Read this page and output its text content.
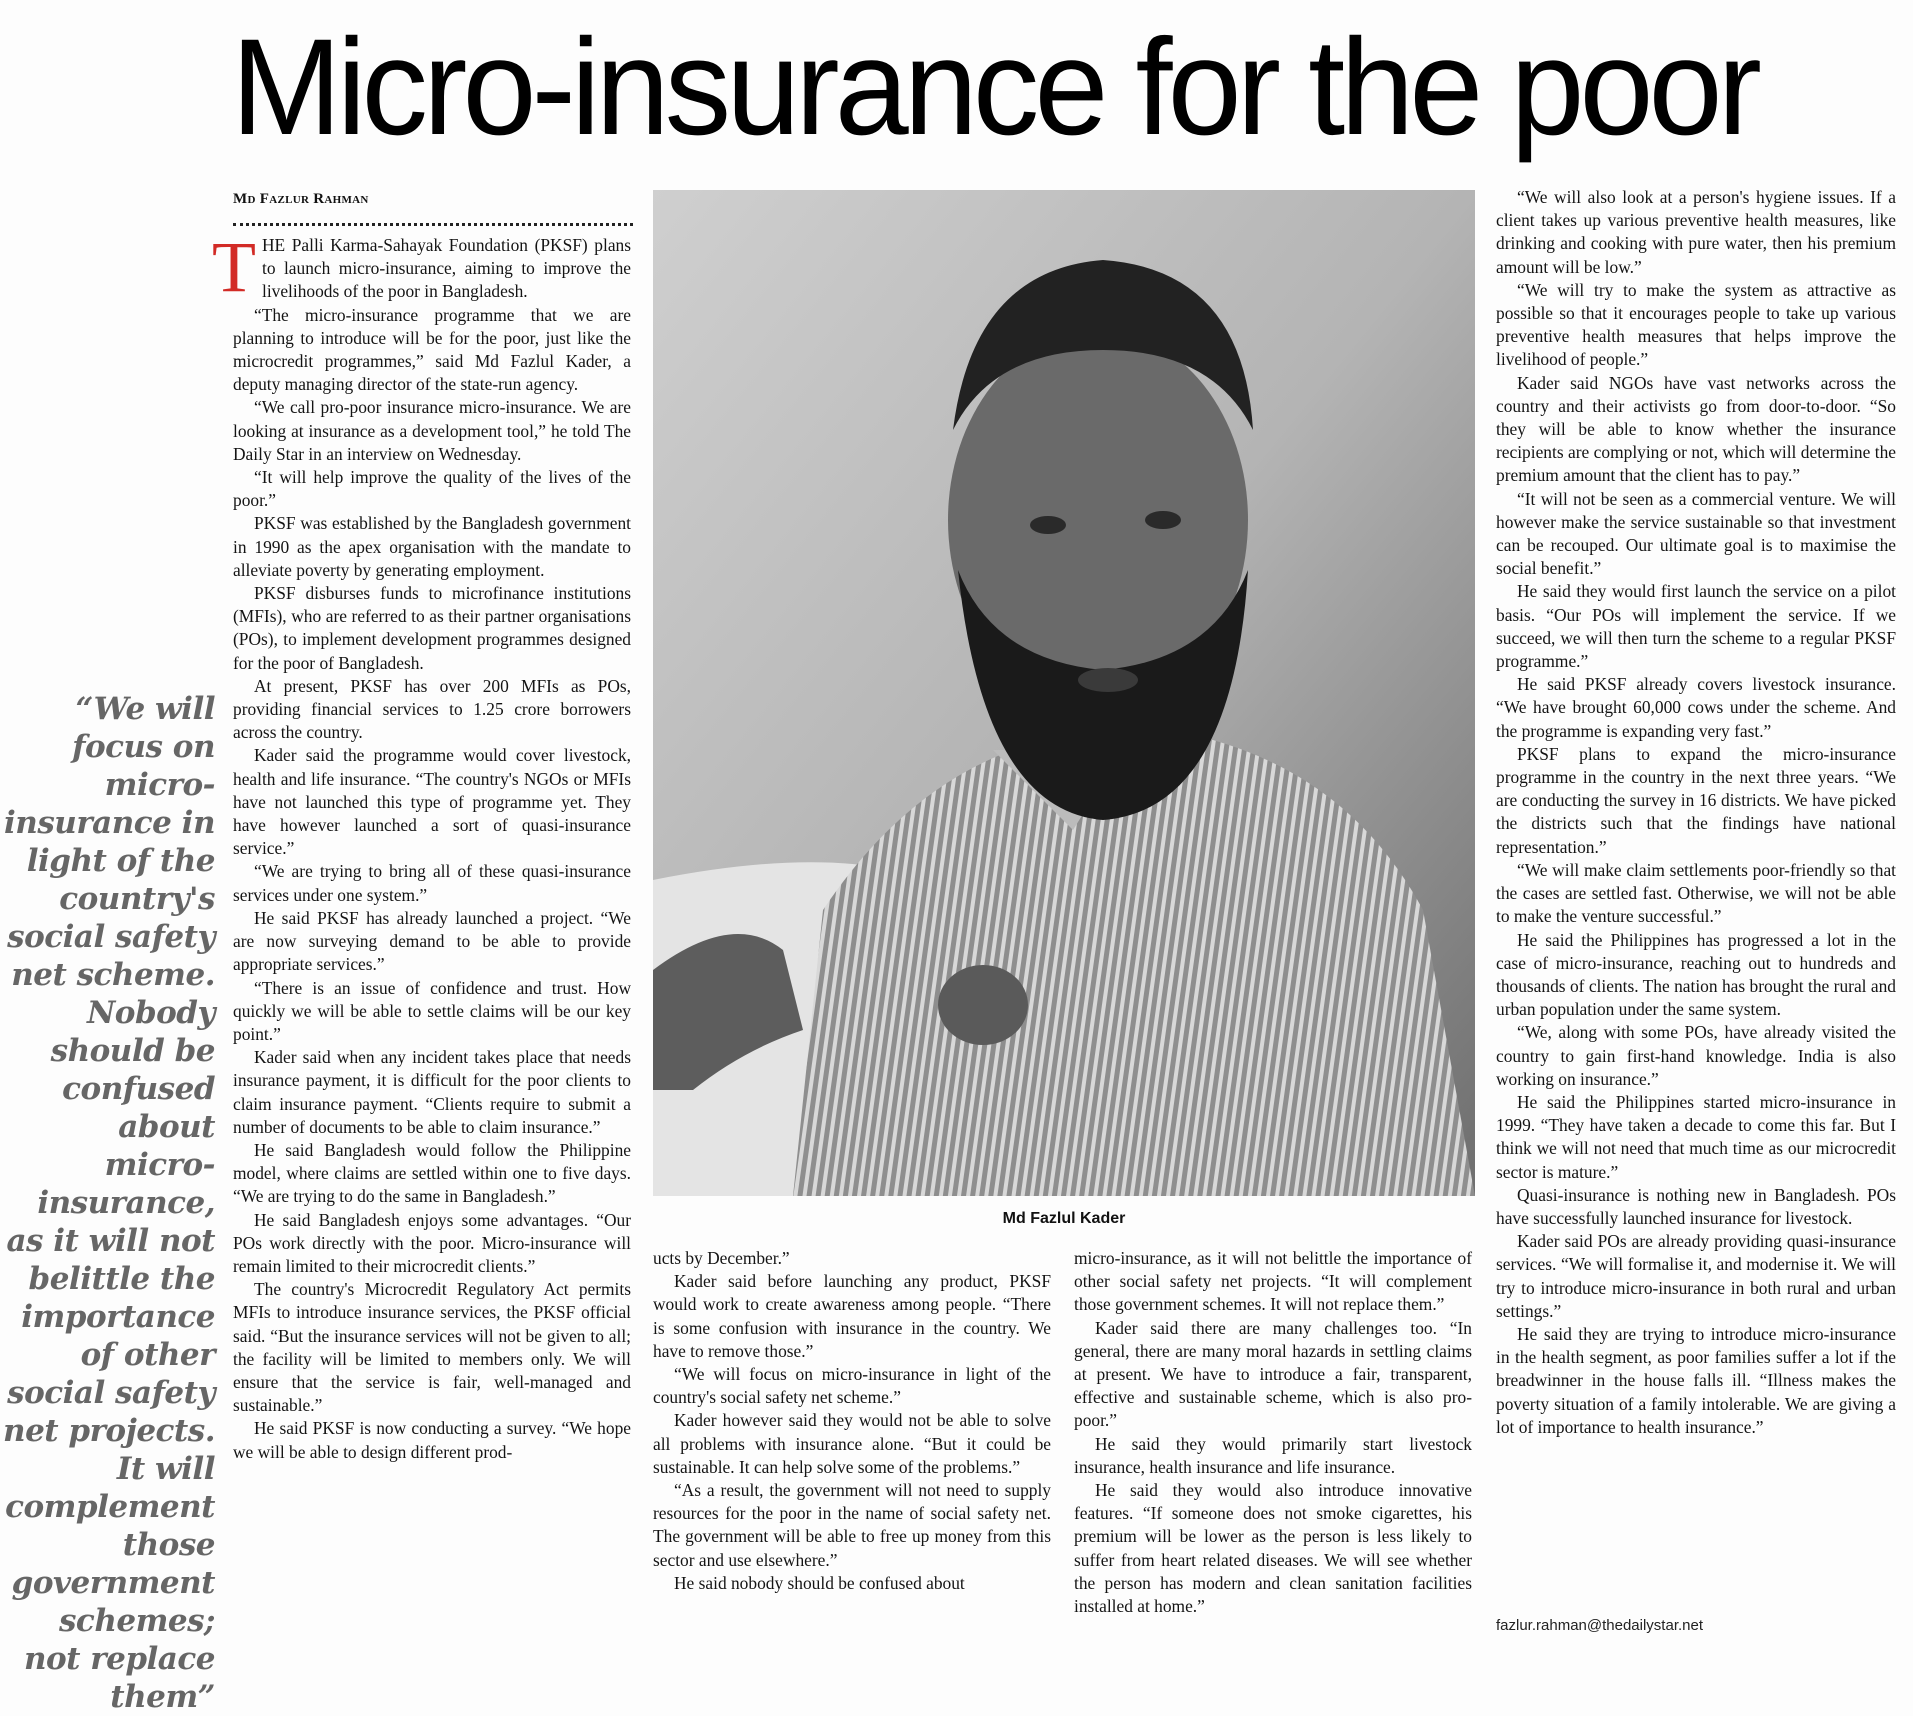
Micro-insurance for the poor
Md Fazlur Rahman
“We will focus on micro-insurance in light of the country's social safety net scheme. Nobody should be confused about micro-insurance, as it will not belittle the importance of other social safety net projects. It will complement those government schemes; not replace them”

THE Palli Karma-Sahayak Foundation (PKSF) plans to launch micro-insurance, aiming to improve the livelihoods of the poor in Bangladesh.

“The micro-insurance programme that we are planning to introduce will be for the poor, just like the microcredit programmes,” said Md Fazlul Kader, a deputy managing director of the state-run agency.

“We call pro-poor insurance micro-insurance. We are looking at insurance as a development tool,” he told The Daily Star in an interview on Wednesday.

“It will help improve the quality of the lives of the poor.”

PKSF was established by the Bangladesh government in 1990 as the apex organisation with the mandate to alleviate poverty by generating employment.

PKSF disburses funds to microfinance institutions (MFIs), who are referred to as their partner organisations (POs), to implement development programmes designed for the poor of Bangladesh.

At present, PKSF has over 200 MFIs as POs, providing financial services to 1.25 crore borrowers across the country.

Kader said the programme would cover livestock, health and life insurance. “The country's NGOs or MFIs have not launched this type of programme yet. They have however launched a sort of quasi-insurance service.”

“We are trying to bring all of these quasi-insurance services under one system.”

He said PKSF has already launched a project. “We are now surveying demand to be able to provide appropriate services.”

“There is an issue of confidence and trust. How quickly we will be able to settle claims will be our key point.”

Kader said when any incident takes place that needs insurance payment, it is difficult for the poor clients to claim insurance payment. “Clients require to submit a number of documents to be able to claim insurance.”

He said Bangladesh would follow the Philippine model, where claims are settled within one to five days. “We are trying to do the same in Bangladesh.”

He said Bangladesh enjoys some advantages. “Our POs work directly with the poor. Micro-insurance will remain limited to their microcredit clients.”

The country's Microcredit Regulatory Act permits MFIs to introduce insurance services, the PKSF official said. “But the insurance services will not be given to all; the facility will be limited to members only. We will ensure that the service is fair, well-managed and sustainable.”

He said PKSF is now conducting a survey. “We hope we will be able to design different prod-

Md Fazlul Kader

ucts by December.”

Kader said before launching any product, PKSF would work to create awareness among people. “There is some confusion with insurance in the country. We have to remove those.”

“We will focus on micro-insurance in light of the country's social safety net scheme.”

Kader however said they would not be able to solve all problems with insurance alone. “But it could be sustainable. It can help solve some of the problems.”

“As a result, the government will not need to supply resources for the poor in the name of social safety net. The government will be able to free up money from this sector and use elsewhere.”

He said nobody should be confused about

micro-insurance, as it will not belittle the importance of other social safety net projects. “It will complement those government schemes. It will not replace them.”

Kader said there are many challenges too. “In general, there are many moral hazards in settling claims at present. We have to introduce a fair, transparent, effective and sustainable scheme, which is also pro-poor.”

He said they would primarily start livestock insurance, health insurance and life insurance.

He said they would also introduce innovative features. “If someone does not smoke cigarettes, his premium will be lower as the person is less likely to suffer from heart related diseases. We will see whether the person has modern and clean sanitation facilities installed at home.”

“We will also look at a person's hygiene issues. If a client takes up various preventive health measures, like drinking and cooking with pure water, then his premium amount will be low.”

“We will try to make the system as attractive as possible so that it encourages people to take up various preventive health measures that helps improve the livelihood of people.”

Kader said NGOs have vast networks across the country and their activists go from door-to-door. “So they will be able to know whether the insurance recipients are complying or not, which will determine the premium amount that the client has to pay.”

“It will not be seen as a commercial venture. We will however make the service sustainable so that investment can be recouped. Our ultimate goal is to maximise the social benefit.”

He said they would first launch the service on a pilot basis. “Our POs will implement the service. If we succeed, we will then turn the scheme to a regular PKSF programme.”

He said PKSF already covers livestock insurance. “We have brought 60,000 cows under the scheme. And the programme is expanding very fast.”

PKSF plans to expand the micro-insurance programme in the country in the next three years. “We are conducting the survey in 16 districts. We have picked the districts such that the findings have national representation.”

“We will make claim settlements poor-friendly so that the cases are settled fast. Otherwise, we will not be able to make the venture successful.”

He said the Philippines has progressed a lot in the case of micro-insurance, reaching out to hundreds and thousands of clients. The nation has brought the rural and urban population under the same system.

“We, along with some POs, have already visited the country to gain first-hand knowledge. India is also working on insurance.”

He said the Philippines started micro-insurance in 1999. “They have taken a decade to come this far. But I think we will not need that much time as our microcredit sector is mature.”

Quasi-insurance is nothing new in Bangladesh. POs have successfully launched insurance for livestock.

Kader said POs are already providing quasi-insurance services. “We will formalise it, and modernise it. We will try to introduce micro-insurance in both rural and urban settings.”

He said they are trying to introduce micro-insurance in the health segment, as poor families suffer a lot if the breadwinner in the house falls ill. “Illness makes the poverty situation of a family intolerable. We are giving a lot of importance to health insurance.”

fazlur.rahman@thedailystar.net
